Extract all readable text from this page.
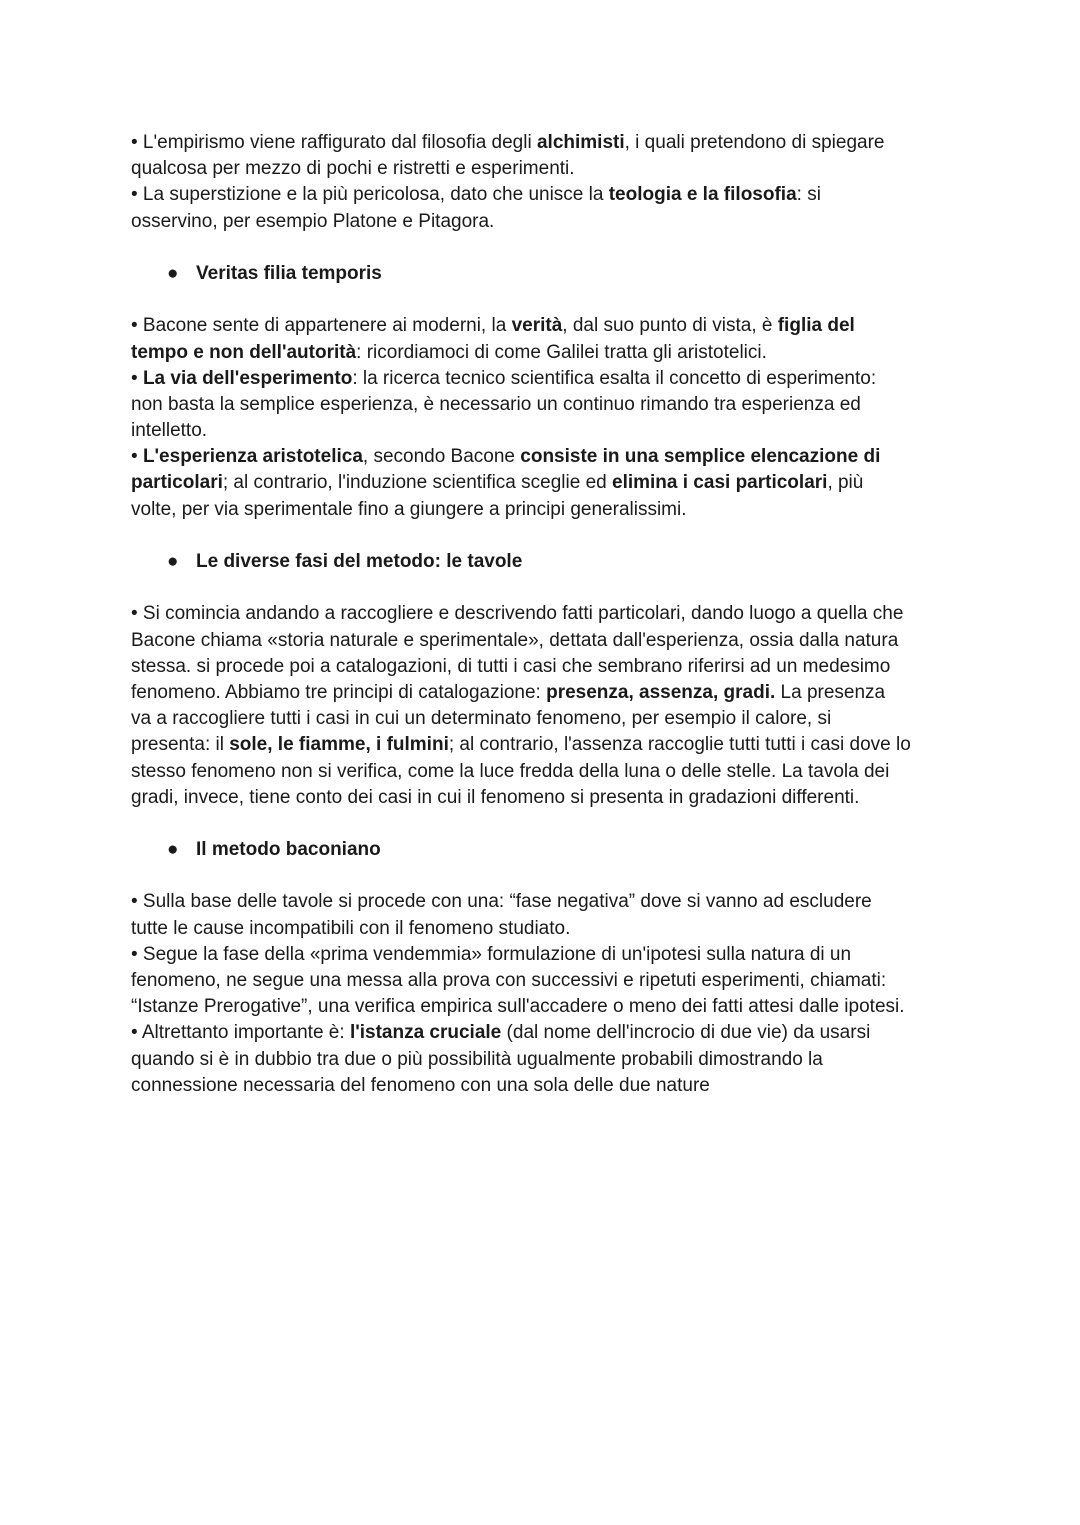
• L'empirismo viene raffigurato dal filosofia degli alchimisti, i quali pretendono di spiegare
qualcosa per mezzo di pochi e ristretti e esperimenti.
• La superstizione e la più pericolosa, dato che unisce la teologia e la filosofia: si
osservino, per esempio Platone e Pitagora.
● Veritas filia temporis
• Bacone sente di appartenere ai moderni, la verità, dal suo punto di vista, è figlia del
tempo e non dell'autorità: ricordiamoci di come Galilei tratta gli aristotelici.
• La via dell'esperimento: la ricerca tecnico scientifica esalta il concetto di esperimento:
non basta la semplice esperienza, è necessario un continuo rimando tra esperienza ed
intelletto.
• L'esperienza aristotelica, secondo Bacone consiste in una semplice elencazione di
particolari; al contrario, l'induzione scientifica sceglie ed elimina i casi particolari, più
volte, per via sperimentale fino a giungere a principi generalissimi.
● Le diverse fasi del metodo: le tavole
• Si comincia andando a raccogliere e descrivendo fatti particolari, dando luogo a quella che
Bacone chiama «storia naturale e sperimentale», dettata dall'esperienza, ossia dalla natura
stessa. si procede poi a catalogazioni, di tutti i casi che sembrano riferirsi ad un medesimo
fenomeno. Abbiamo tre principi di catalogazione: presenza, assenza, gradi. La presenza
va a raccogliere tutti i casi in cui un determinato fenomeno, per esempio il calore, si
presenta: il sole, le fiamme, i fulmini; al contrario, l'assenza raccoglie tutti tutti i casi dove lo
stesso fenomeno non si verifica, come la luce fredda della luna o delle stelle. La tavola dei
gradi, invece, tiene conto dei casi in cui il fenomeno si presenta in gradazioni differenti.
● Il metodo baconiano
• Sulla base delle tavole si procede con una: “fase negativa” dove si vanno ad escludere
tutte le cause incompatibili con il fenomeno studiato.
• Segue la fase della «prima vendemmia» formulazione di un'ipotesi sulla natura di un
fenomeno, ne segue una messa alla prova con successivi e ripetuti esperimenti, chiamati:
“Istanze Prerogative”, una verifica empirica sull'accadere o meno dei fatti attesi dalle ipotesi.
• Altrettanto importante è: l'istanza cruciale (dal nome dell'incrocio di due vie) da usarsi
quando si è in dubbio tra due o più possibilità ugualmente probabili dimostrando la
connessione necessaria del fenomeno con una sola delle due nature
